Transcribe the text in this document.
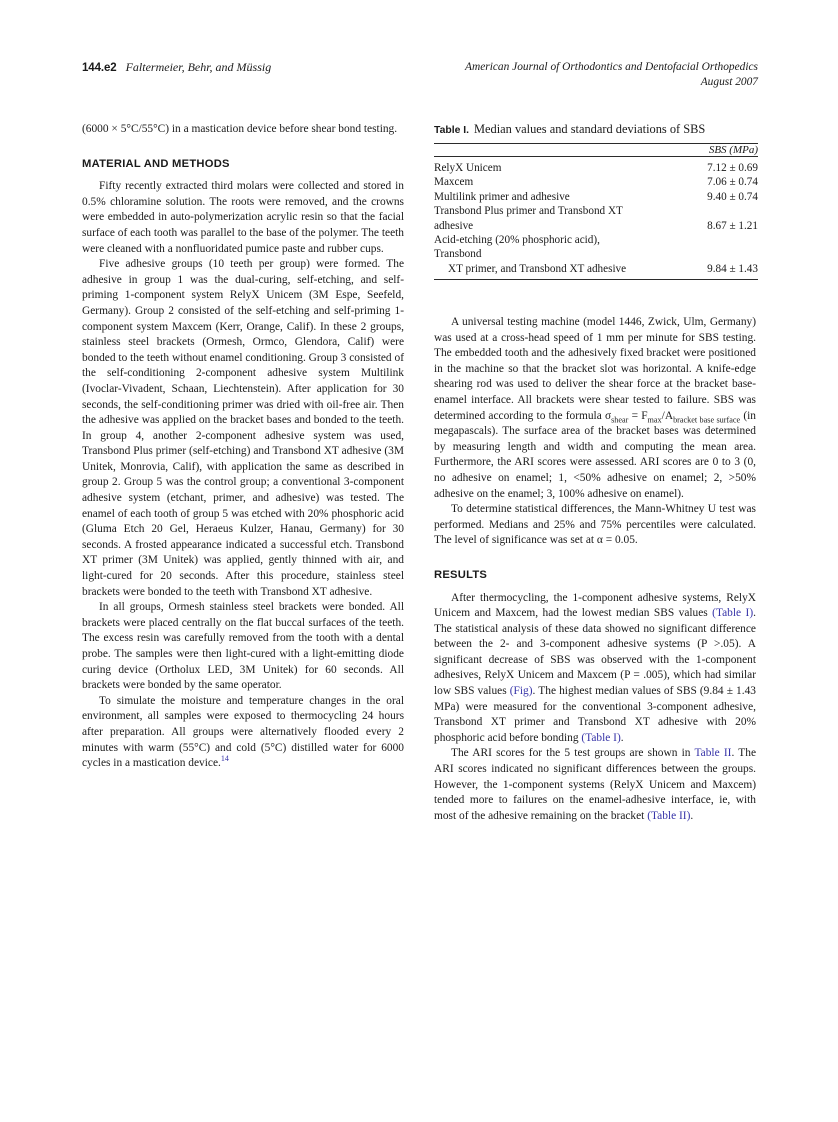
144.e2 Faltermeier, Behr, and Müssig	American Journal of Orthodontics and Dentofacial Orthopedics
August 2007

(6000 × 5°C/55°C) in a mastication device before shear bond testing.

MATERIAL AND METHODS

Fifty recently extracted third molars were collected and stored in 0.5% chloramine solution. The roots were removed, and the crowns were embedded in auto-polymerization acrylic resin so that the facial surface of each tooth was parallel to the base of the polymer. The teeth were cleaned with a nonfluoridated pumice paste and rubber cups.

Five adhesive groups (10 teeth per group) were formed. The adhesive in group 1 was the dual-curing, self-etching, and self-priming 1-component system RelyX Unicem (3M Espe, Seefeld, Germany). Group 2 consisted of the self-etching and self-priming 1-component system Maxcem (Kerr, Orange, Calif). In these 2 groups, stainless steel brackets (Ormesh, Ormco, Glendora, Calif) were bonded to the teeth without enamel conditioning. Group 3 consisted of the self-conditioning 2-component adhesive system Multilink (Ivoclar-Vivadent, Schaan, Liechtenstein). After application for 30 seconds, the self-conditioning primer was dried with oil-free air. Then the adhesive was applied on the bracket bases and bonded to the teeth. In group 4, another 2-component adhesive system was used, Transbond Plus primer (self-etching) and Transbond XT adhesive (3M Unitek, Monrovia, Calif), with application the same as described in group 2. Group 5 was the control group; a conventional 3-component adhesive system (etchant, primer, and adhesive) was tested. The enamel of each tooth of group 5 was etched with 20% phosphoric acid (Gluma Etch 20 Gel, Heraeus Kulzer, Hanau, Germany) for 30 seconds. A frosted appearance indicated a successful etch. Transbond XT primer (3M Unitek) was applied, gently thinned with air, and light-cured for 20 seconds. After this procedure, stainless steel brackets were bonded to the teeth with Transbond XT adhesive.

In all groups, Ormesh stainless steel brackets were bonded. All brackets were placed centrally on the flat buccal surfaces of the teeth. The excess resin was carefully removed from the tooth with a dental probe. The samples were then light-cured with a light-emitting diode curing device (Ortholux LED, 3M Unitek) for 60 seconds. All brackets were bonded by the same operator.

To simulate the moisture and temperature changes in the oral environment, all samples were exposed to thermocycling 24 hours after preparation. All groups were alternatively flooded every 2 minutes with warm (55°C) and cold (5°C) distilled water for 6000 cycles in a mastication device.$^{14}$

Table I. Median values and standard deviations of SBS
	SBS (MPa)
RelyX Unicem	7.12 ± 0.69
Maxcem	7.06 ± 0.74
Multilink primer and adhesive	9.40 ± 0.74
Transbond Plus primer and Transbond XT adhesive	8.67 ± 1.21
Acid-etching (20% phosphoric acid), Transbond	
XT primer, and Transbond XT adhesive	9.84 ± 1.43

A universal testing machine (model 1446, Zwick, Ulm, Germany) was used at a cross-head speed of 1 mm per minute for SBS testing. The embedded tooth and the adhesively fixed bracket were positioned in the machine so that the bracket slot was horizontal. A knife-edge shearing rod was used to deliver the shear force at the bracket base-enamel interface. All brackets were shear tested to failure. SBS was determined according to the formula $\sigma_{shear} = F_{max}/A_{bracket base surface}$ (in megapascals). The surface area of the bracket bases was determined by measuring length and width and computing the mean area. Furthermore, the ARI scores were assessed. ARI scores are 0 to 3 (0, no adhesive on enamel; 1, <50% adhesive on enamel; 2, >50% adhesive on the enamel; 3, 100% adhesive on enamel).

To determine statistical differences, the Mann-Whitney U test was performed. Medians and 25% and 75% percentiles were calculated. The level of significance was set at α = 0.05.

RESULTS

After thermocycling, the 1-component adhesive systems, RelyX Unicem and Maxcem, had the lowest median SBS values (Table I). The statistical analysis of these data showed no significant difference between the 2- and 3-component adhesive systems (P >.05). A significant decrease of SBS was observed with the 1-component adhesives, RelyX Unicem and Maxcem (P = .005), which had similar low SBS values (Fig). The highest median values of SBS (9.84 ± 1.43 MPa) were measured for the conventional 3-component adhesive, Transbond XT primer and Transbond XT adhesive with 20% phosphoric acid before bonding (Table I).

The ARI scores for the 5 test groups are shown in Table II. The ARI scores indicated no significant differences between the groups. However, the 1-component systems (RelyX Unicem and Maxcem) tended more to failures on the enamel-adhesive interface, ie, with most of the adhesive remaining on the bracket (Table II).
